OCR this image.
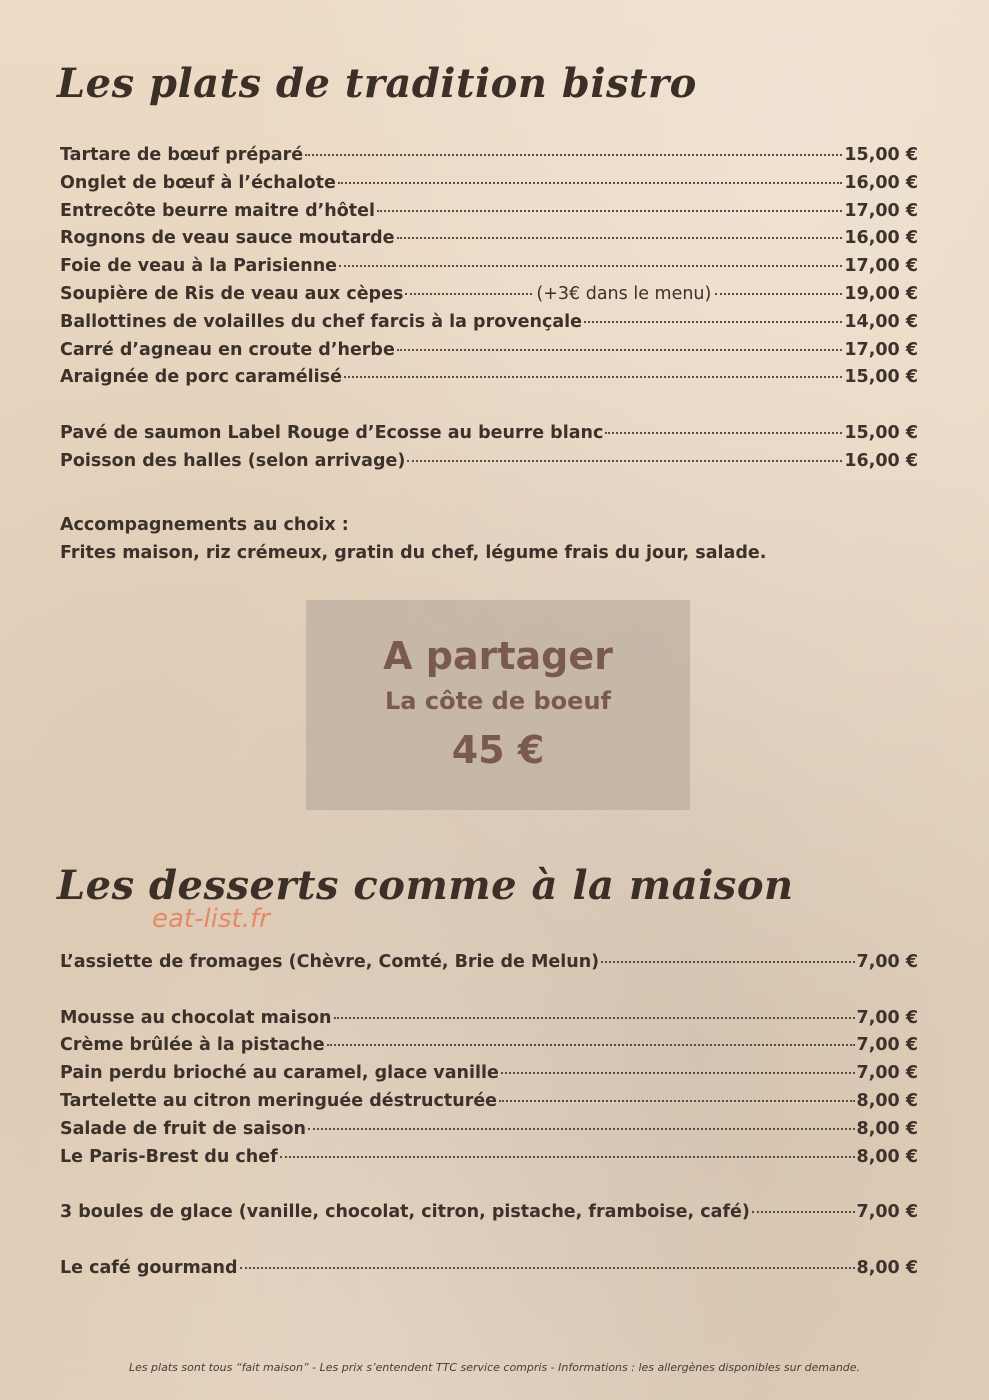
Les plats de tradition bistro
Tartare de bœuf préparé	15,00 €
Onglet de bœuf à l’échalote	16,00 €
Entrecôte beurre maitre d’hôtel	17,00 €
Rognons de veau sauce moutarde	16,00 €
Foie de veau à la Parisienne	17,00 €
Soupière de Ris de veau aux cèpes	(+3€ dans le menu)	19,00 €
Ballottines de volailles du chef farcis à la provençale	14,00 €
Carré d’agneau en croute d’herbe	17,00 €
Araignée de porc caramélisé	15,00 €
Pavé de saumon Label Rouge d’Ecosse au beurre blanc	15,00 €
Poisson des halles (selon arrivage)	16,00 €
Accompagnements au choix :
Frites maison, riz crémeux, gratin du chef, légume frais du jour, salade.
A partager
La côte de boeuf
45 €
Les desserts comme à la maison
eat-list.fr
L’assiette de fromages (Chèvre, Comté, Brie de Melun)	7,00 €
Mousse au chocolat maison	7,00 €
Crème brûlée à la pistache	7,00 €
Pain perdu brioché au caramel, glace vanille	7,00 €
Tartelette au citron meringuée déstructurée	8,00 €
Salade de fruit de saison	8,00 €
Le Paris-Brest du chef	8,00 €
3 boules de glace (vanille, chocolat, citron, pistache, framboise, café)	7,00 €
Le café gourmand	8,00 €
Les plats sont tous “fait maison” - Les prix s’entendent TTC service compris - Informations : les allergènes disponibles sur demande.
